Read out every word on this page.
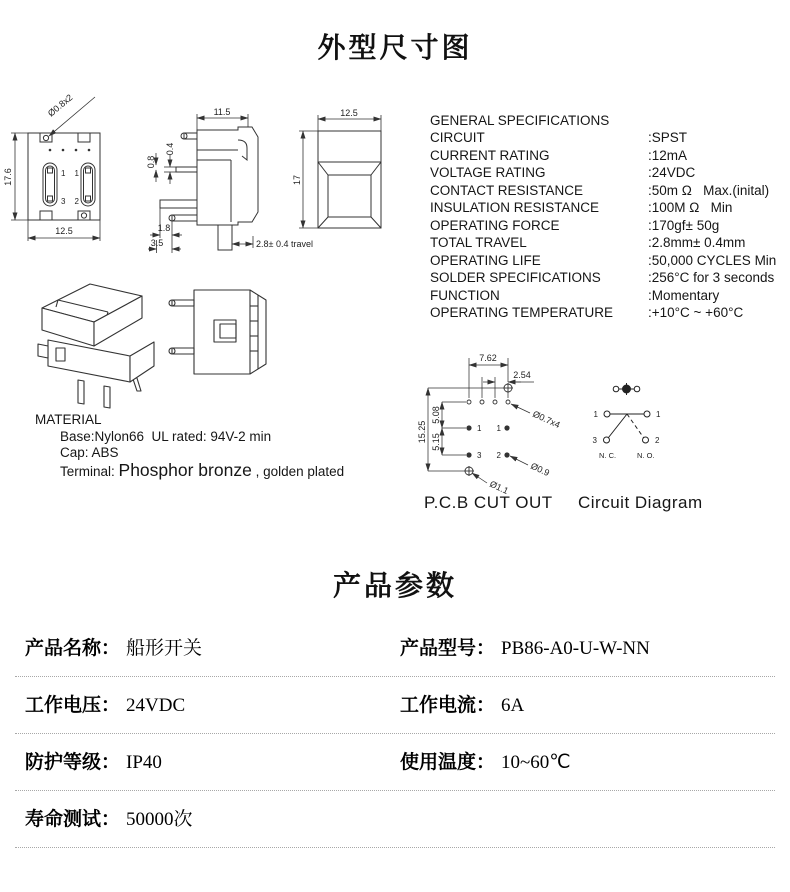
外型尺寸图
17.6
12.5
Ø0.8x2
1
3
1
2
11.5
0.4
0.8
1.8
3.5	2.8± 0.4 travel
12.5
17
GENERAL SPECIFICATIONS
CIRCUIT	:SPST
CURRENT RATING	:12mA
VOLTAGE RATING	:24VDC
CONTACT RESISTANCE	:50m Ω   Max.(inital)
INSULATION RESISTANCE	:100M Ω   Min
OPERATING FORCE	:170gf± 50g
TOTAL TRAVEL	:2.8mm± 0.4mm
OPERATING LIFE	:50,000 CYCLES Min
SOLDER SPECIFICATIONS	:256°C for 3 seconds
FUNCTION	:Momentary
OPERATING TEMPERATURE	:+10°C ~ +60°C
MATERIAL
Base:Nylon66  UL rated: 94V-2 min
Cap: ABS
Terminal: Phosphor bronze , golden plated
7.62
2.54
Ø0.7x4
15.25
5.08
5.15
Ø0.9
Ø1.1
1 1
3 2
P.C.B CUT OUT
1	1
3	2
N. C.	N. O.
Circuit Diagram
产品参数
产品名称： 船形开关	产品型号： PB86-A0-U-W-NN
工作电压： 24VDC	工作电流： 6A
防护等级： IP40	使用温度： 10~60℃
寿命测试： 50000次
